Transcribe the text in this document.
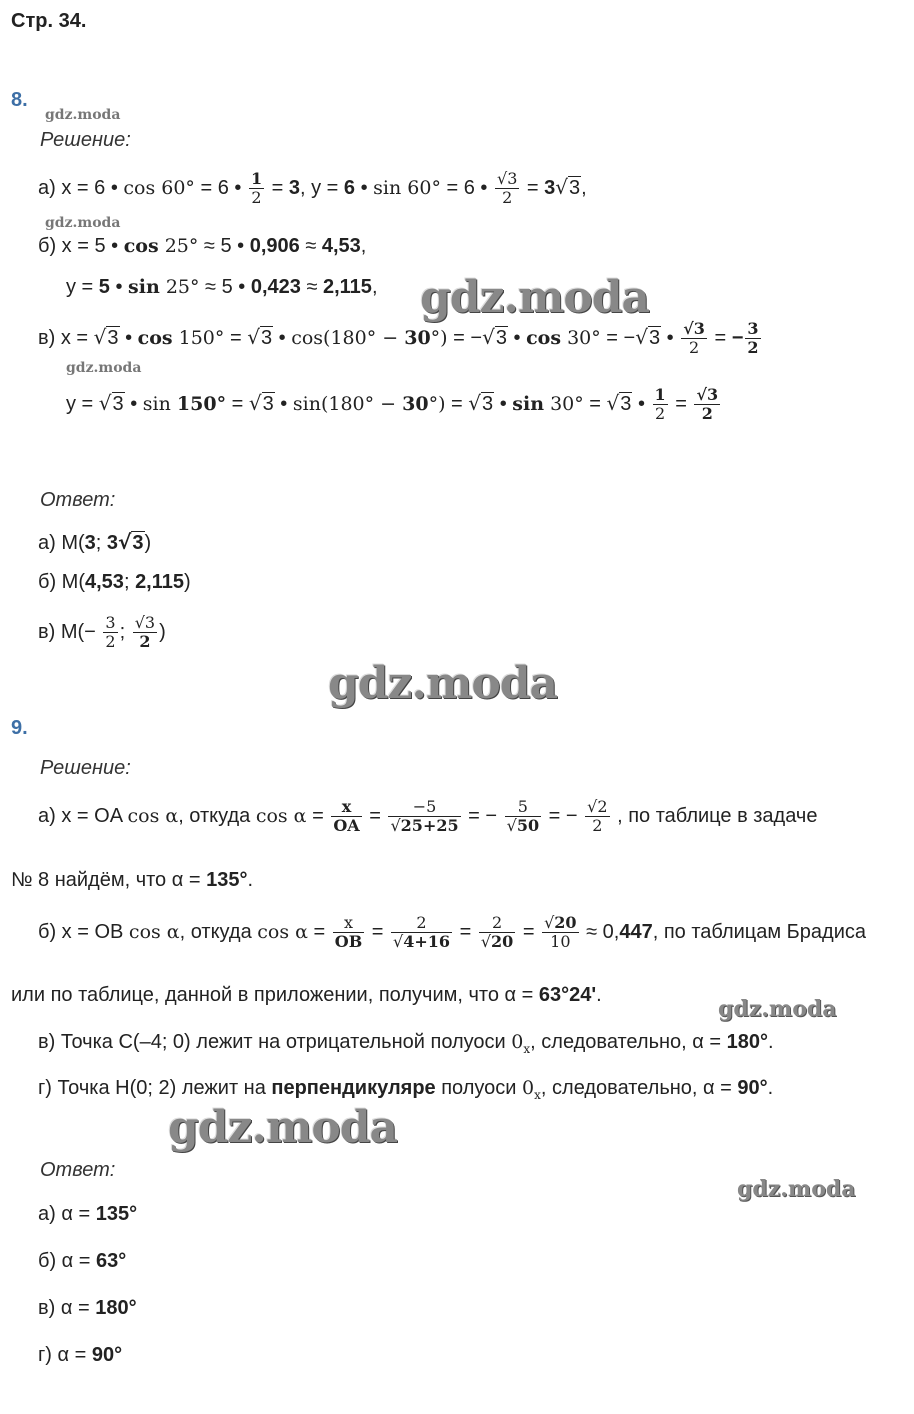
Стр. 34.
8.
gdz.moda
Решение:
а) x = 6 • cos 60° = 6 • $\frac{1}{2} = 3$, y = 6 • sin 60° = 6 • $\frac{√3}{2} = 3√3$,
gdz.moda
б) x = 5 • cos 25° ≈ 5 • 0,906 ≈ 4,53,
y = 5 • sin 25° ≈ 5 • 0,423 ≈ 2,115, gdz.moda
в) x = √3 • cos 150° = √3 • cos(180° − 30°) = −√3 • cos 30° = −√3 • $\frac{√3}{2}$ = − $\frac{3}{2}$
gdz.moda
y = √3 • sin 150° = √3 • sin(180° − 30°) = √3 • sin 30° = √3 • $\frac{1}{2} = \frac{√3}{2}$
Ответ:
а) M(3; 3√3)
б) M(4,53; 2,115)
в) $M(- \frac{3}{2}$ ; $\frac{√3}{2}$ )
gdz.moda
9.
Решение:
а) x = OA cos α, откуда $\cos \alpha = \frac{x}{OA} = \frac{-5}{√25+25}$ = − $\frac{5}{√50}$ = − $\frac{√2}{2}$ , по таблице в задаче
№ 8 найдём, что α = 135°.
б) x = OB cos α, откуда $\cos \alpha = \frac{x}{OB} = \frac{2}{√4+16} = \frac{2}{√20} = \frac{√20}{10} \approx 0,447$, по таблицам Брадиса
или по таблице, данной в приложении, получим, что α = 63°24'.
gdz.moda
в) Точка C(–4; 0) лежит на отрицательной полуоси $0_x$, следовательно, α = 180°.
г) Точка H(0; 2) лежит на перпендикуляре полуоси $0_x$, следовательно, α = 90°.
gdz.moda
Ответ:
gdz.moda
а) α = 135°
б) α = 63°
в) α = 180°
г) α = 90°
